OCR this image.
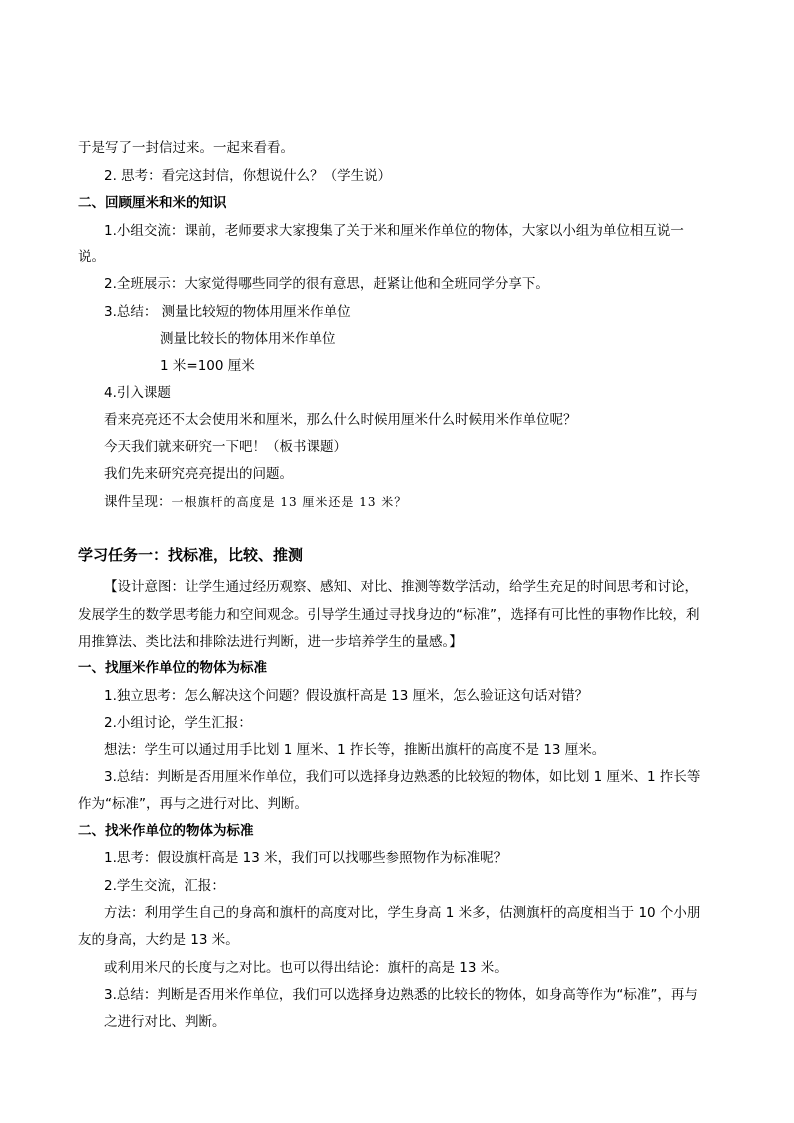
于是写了一封信过来。一起来看看。
2. 思考：看完这封信，你想说什么？（学生说）
二、回顾厘米和米的知识
1.小组交流：课前，老师要求大家搜集了关于米和厘米作单位的物体，大家以小组为单位相互说一
说。
2.全班展示：大家觉得哪些同学的很有意思，赶紧让他和全班同学分享下。
3.总结： 测量比较短的物体用厘米作单位
测量比较长的物体用米作单位
1 米=100 厘米
4.引入课题
看来亮亮还不太会使用米和厘米，那么什么时候用厘米什么时候用米作单位呢？
今天我们就来研究一下吧！（板书课题）
我们先来研究亮亮提出的问题。
课件呈现：一根旗杆的高度是 13 厘米还是 13 米？
学习任务一：找标准，比较、推测
【设计意图：让学生通过经历观察、感知、对比、推测等数学活动，给学生充足的时间思考和讨论，
发展学生的数学思考能力和空间观念。引导学生通过寻找身边的“标准”，选择有可比性的事物作比较，利
用推算法、类比法和排除法进行判断，进一步培养学生的量感。】
一、找厘米作单位的物体为标准
1.独立思考：怎么解决这个问题？假设旗杆高是 13 厘米，怎么验证这句话对错？
2.小组讨论，学生汇报：
想法：学生可以通过用手比划 1 厘米、1 拃长等，推断出旗杆的高度不是 13 厘米。
3.总结：判断是否用厘米作单位，我们可以选择身边熟悉的比较短的物体，如比划 1 厘米、1 拃长等
作为“标准”，再与之进行对比、判断。
二、找米作单位的物体为标准
1.思考：假设旗杆高是 13 米，我们可以找哪些参照物作为标准呢？
2.学生交流，汇报：
方法：利用学生自己的身高和旗杆的高度对比，学生身高 1 米多，估测旗杆的高度相当于 10 个小朋
友的身高，大约是 13 米。
或利用米尺的长度与之对比。也可以得出结论：旗杆的高是 13 米。
3.总结：判断是否用米作单位，我们可以选择身边熟悉的比较长的物体，如身高等作为“标准”，再与
之进行对比、判断。
